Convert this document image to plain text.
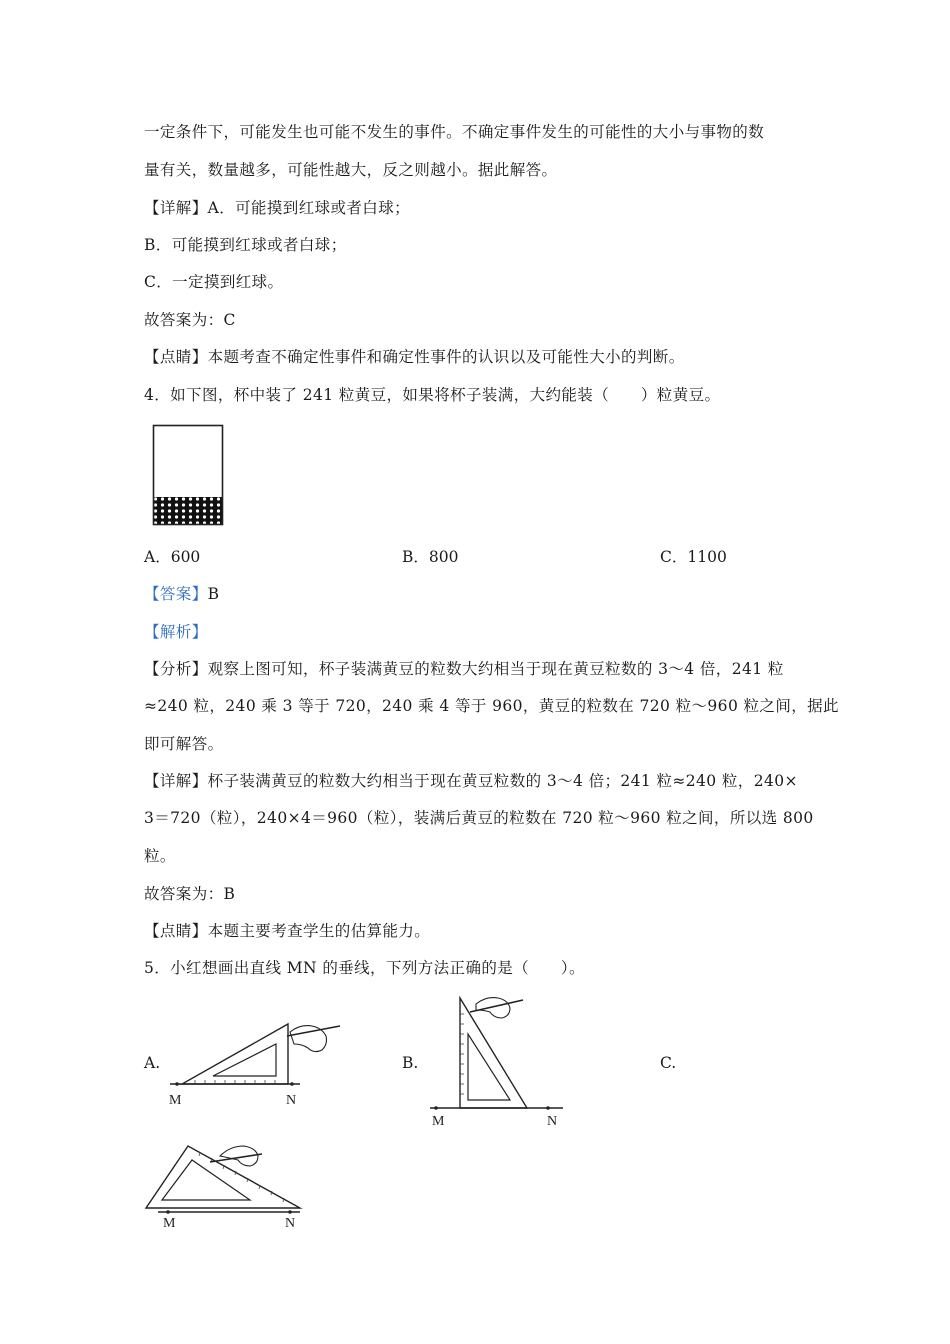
一定条件下，可能发生也可能不发生的事件。不确定事件发生的可能性的大小与事物的数
量有关，数量越多，可能性越大，反之则越小。据此解答。
【详解】A．可能摸到红球或者白球；
B．可能摸到红球或者白球；
C．一定摸到红球。
故答案为：C
【点睛】本题考查不确定性事件和确定性事件的认识以及可能性大小的判断。
4．如下图，杯中装了 241 粒黄豆，如果将杯子装满，大约能装（　　）粒黄豆。
A．600	B．800	C．1100
【答案】B
【解析】
【分析】观察上图可知，杯子装满黄豆的粒数大约相当于现在黄豆粒数的 3～4 倍，241 粒
≈240 粒，240 乘 3 等于 720，240 乘 4 等于 960，黄豆的粒数在 720 粒～960 粒之间，据此
即可解答。
【详解】杯子装满黄豆的粒数大约相当于现在黄豆粒数的 3～4 倍；241 粒≈240 粒，240×
3＝720（粒），240×4＝960（粒），装满后黄豆的粒数在 720 粒～960 粒之间，所以选 800
粒。
故答案为：B
【点睛】本题主要考查学生的估算能力。
5．小红想画出直线 MN 的垂线，下列方法正确的是（　　）。
A.	B.	C.
M	N
M	N
M	N
